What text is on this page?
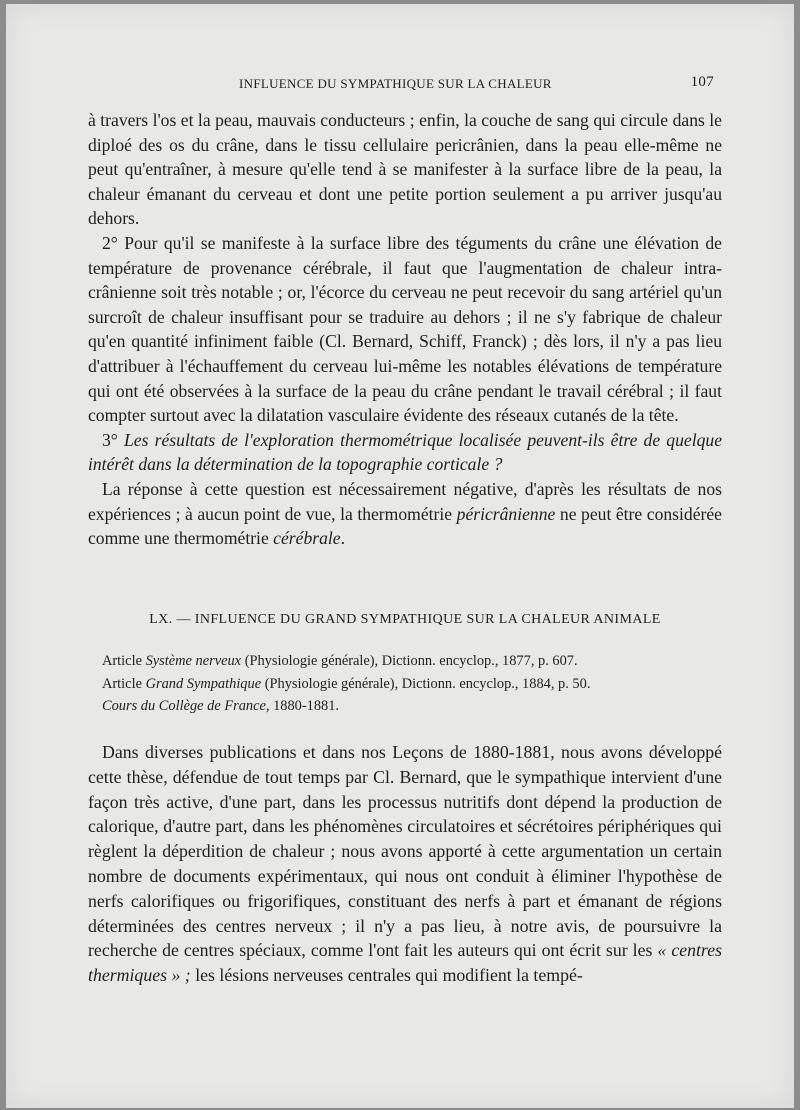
INFLUENCE DU SYMPATHIQUE SUR LA CHALEUR	107

à travers l'os et la peau, mauvais conducteurs ; enfin, la couche de sang qui circule dans le diploé des os du crâne, dans le tissu cellulaire pericrânien, dans la peau elle-même ne peut qu'entraîner, à mesure qu'elle tend à se manifester à la surface libre de la peau, la chaleur émanant du cerveau et dont une petite portion seulement a pu arriver jusqu'au dehors.

2° Pour qu'il se manifeste à la surface libre des téguments du crâne une élévation de température de provenance cérébrale, il faut que l'augmentation de chaleur intra-crânienne soit très notable ; or, l'écorce du cerveau ne peut recevoir du sang artériel qu'un surcroît de chaleur insuffisant pour se traduire au dehors ; il ne s'y fabrique de chaleur qu'en quantité infiniment faible (Cl. Bernard, Schiff, Franck) ; dès lors, il n'y a pas lieu d'attribuer à l'échauffement du cerveau lui-même les notables élévations de température qui ont été observées à la surface de la peau du crâne pendant le travail cérébral ; il faut compter surtout avec la dilatation vasculaire évidente des réseaux cutanés de la tête.

3° Les résultats de l'exploration thermométrique localisée peuvent-ils être de quelque intérêt dans la détermination de la topographie corticale ?

La réponse à cette question est nécessairement négative, d'après les résultats de nos expériences ; à aucun point de vue, la thermométrie péricrânienne ne peut être considérée comme une thermométrie cérébrale.

LX. — INFLUENCE DU GRAND SYMPATHIQUE SUR LA CHALEUR ANIMALE
Article Système nerveux (Physiologie générale), Dictionn. encyclop., 1877, p. 607.
Article Grand Sympathique (Physiologie générale), Dictionn. encyclop., 1884, p. 50.
Cours du Collège de France, 1880-1881.

Dans diverses publications et dans nos Leçons de 1880-1881, nous avons développé cette thèse, défendue de tout temps par Cl. Bernard, que le sympathique intervient d'une façon très active, d'une part, dans les processus nutritifs dont dépend la production de calorique, d'autre part, dans les phénomènes circulatoires et sécrétoires périphériques qui règlent la déperdition de chaleur ; nous avons apporté à cette argumentation un certain nombre de documents expérimentaux, qui nous ont conduit à éliminer l'hypothèse de nerfs calorifiques ou frigorifiques, constituant des nerfs à part et émanant de régions déterminées des centres nerveux ; il n'y a pas lieu, à notre avis, de poursuivre la recherche de centres spéciaux, comme l'ont fait les auteurs qui ont écrit sur les « centres thermiques » ; les lésions nerveuses centrales qui modifient la tempé-
